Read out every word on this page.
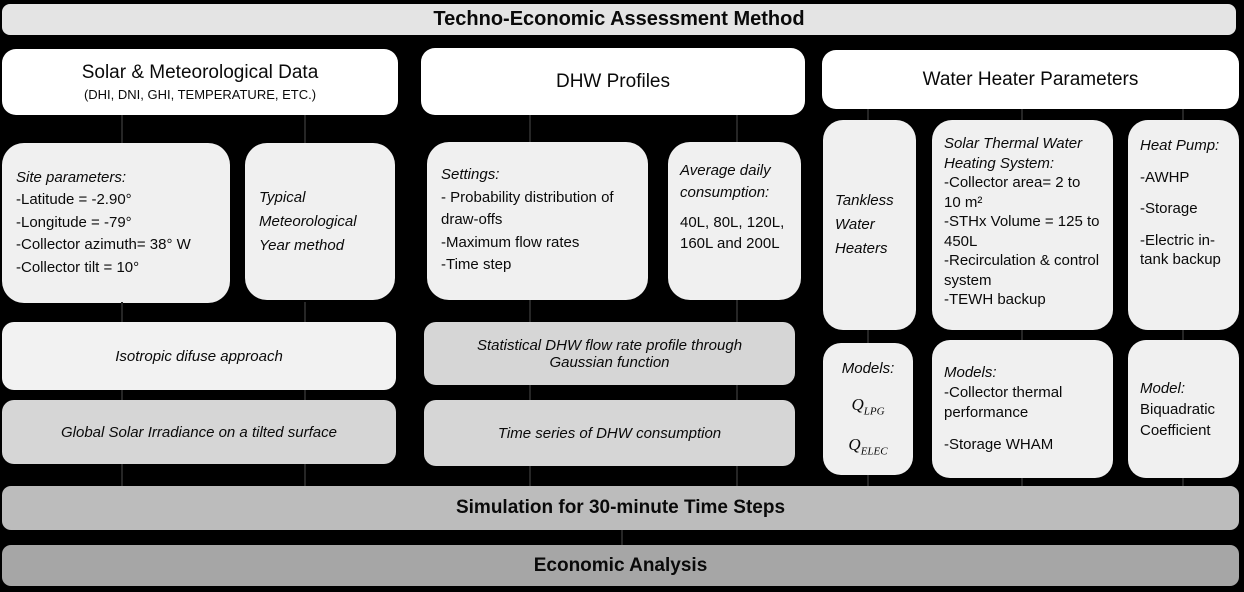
Techno-Economic Assessment Method
Solar & Meteorological Data
(DHI, DNI, GHI, TEMPERATURE, ETC.)
DHW Profiles	Water Heater Parameters
Site parameters:
-Latitude = -2.90°
-Longitude = -79°
-Collector azimuth= 38° W
-Collector tilt = 10°
Typical Meteorological Year method
Isotropic difuse approach
Global Solar Irradiance on a tilted surface
Settings:
- Probability distribution of draw-offs
-Maximum flow rates
-Time step
Average daily consumption:
40L, 80L, 120L, 160L and 200L
Statistical DHW flow rate profile through Gaussian function
Time series of DHW consumption
Tankless Water Heaters
Solar Thermal Water Heating System:
-Collector area= 2 to 10 m²
-STHx Volume = 125 to 450L
-Recirculation & control system
-TEWH backup
Heat Pump:
-AWHP
-Storage
-Electric in-tank backup
Models:
$Q_{LPG}$
$Q_{ELEC}$
Models:
-Collector thermal performance
-Storage WHAM
Model:
Biquadratic Coefficient
Simulation for 30-minute Time Steps
Economic Analysis
